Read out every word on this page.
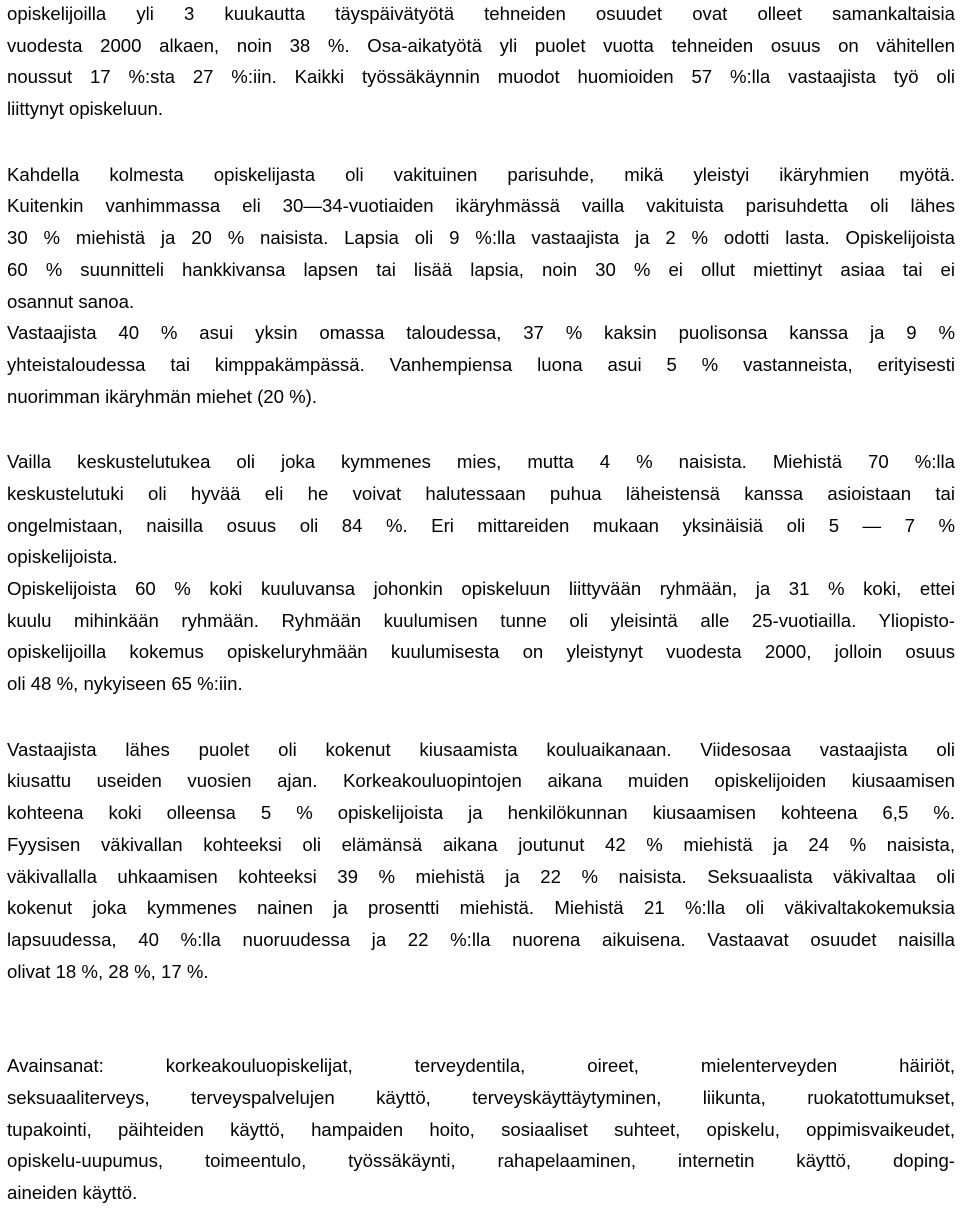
opiskelijoilla yli 3 kuukautta täyspäivätyötä tehneiden osuudet ovat olleet samankaltaisia
vuodesta 2000 alkaen, noin 38 %. Osa-aikatyötä yli puolet vuotta tehneiden osuus on vähitellen
noussut 17 %:sta 27 %:iin. Kaikki työssäkäynnin muodot huomioiden 57 %:lla vastaajista työ oli
liittynyt opiskeluun.
Kahdella kolmesta opiskelijasta oli vakituinen parisuhde, mikä yleistyi ikäryhmien myötä.
Kuitenkin vanhimmassa eli 30—34-vuotiaiden ikäryhmässä vailla vakituista parisuhdetta oli lähes
30 % miehistä ja 20 % naisista. Lapsia oli 9 %:lla vastaajista ja 2 % odotti lasta. Opiskelijoista
60 % suunnitteli hankkivansa lapsen tai lisää lapsia, noin 30 % ei ollut miettinyt asiaa tai ei
osannut sanoa.
Vastaajista 40 % asui yksin omassa taloudessa, 37 % kaksin puolisonsa kanssa ja 9 %
yhteistaloudessa tai kimppakämpässä. Vanhempiensa luona asui 5 % vastanneista, erityisesti
nuorimman ikäryhmän miehet (20 %).
Vailla keskustelutukea oli joka kymmenes mies, mutta 4 % naisista. Miehistä 70 %:lla
keskustelutuki oli hyvää eli he voivat halutessaan puhua läheistensä kanssa asioistaan tai
ongelmistaan, naisilla osuus oli 84 %. Eri mittareiden mukaan yksinäisiä oli 5 — 7 %
opiskelijoista.
Opiskelijoista 60 % koki kuuluvansa johonkin opiskeluun liittyvään ryhmään, ja 31 % koki, ettei
kuulu mihinkään ryhmään. Ryhmään kuulumisen tunne oli yleisintä alle 25-vuotiailla. Yliopisto-
opiskelijoilla kokemus opiskeluryhmään kuulumisesta on yleistynyt vuodesta 2000, jolloin osuus
oli 48 %, nykyiseen 65 %:iin.
Vastaajista lähes puolet oli kokenut kiusaamista kouluaikanaan. Viidesosaa vastaajista oli
kiusattu useiden vuosien ajan. Korkeakouluopintojen aikana muiden opiskelijoiden kiusaamisen
kohteena koki olleensa 5 % opiskelijoista ja henkilökunnan kiusaamisen kohteena 6,5 %.
Fyysisen väkivallan kohteeksi oli elämänsä aikana joutunut 42 % miehistä ja 24 % naisista,
väkivallalla uhkaamisen kohteeksi 39 % miehistä ja 22 % naisista. Seksuaalista väkivaltaa oli
kokenut joka kymmenes nainen ja prosentti miehistä. Miehistä 21 %:lla oli väkivaltakokemuksia
lapsuudessa, 40 %:lla nuoruudessa ja 22 %:lla nuorena aikuisena. Vastaavat osuudet naisilla
olivat 18 %, 28 %, 17 %.
Avainsanat: korkeakouluopiskelijat, terveydentila, oireet, mielenterveyden häiriöt,
seksuaaliterveys, terveyspalvelujen käyttö, terveyskäyttäytyminen, liikunta, ruokatottumukset,
tupakointi, päihteiden käyttö, hampaiden hoito, sosiaaliset suhteet, opiskelu, oppimisvaikeudet,
opiskelu-uupumus, toimeentulo, työssäkäynti, rahapelaaminen, internetin käyttö, doping-
aineiden käyttö.
